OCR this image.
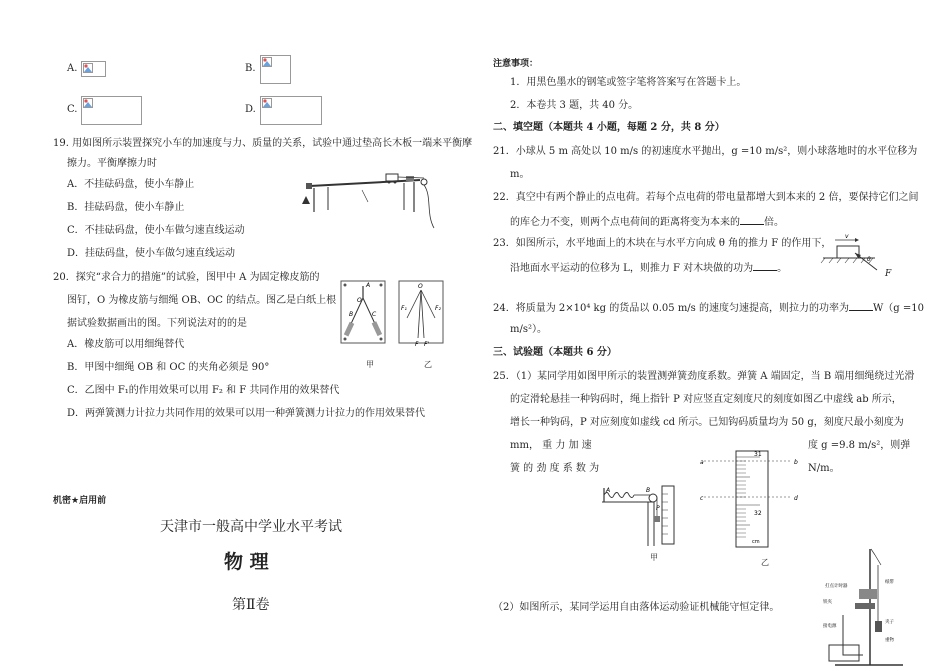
A.	B.
C.	D.
19. 用如图所示装置探究小车的加速度与力、质量的关系，试验中通过垫高长木板一端来平衡摩
擦力。平衡摩擦力时
A．不挂砝码盘，使小车静止
B．挂砝码盘，使小车静止
C．不挂砝码盘，使小车做匀速直线运动
D．挂砝码盘，使小车做匀速直线运动
20．探究“求合力的措施”的试验，图甲中 A 为固定橡皮筋的
图钉，O 为橡皮筋与细绳 OB、OC 的结点。图乙是白纸上根
据试验数据画出的图。下列说法对的的是
A．橡皮筋可以用细绳替代
B．甲图中细绳 OB 和 OC 的夹角必须是 90°
C．乙图中 F₁的作用效果可以用 F₂ 和 F 共同作用的效果替代
D．两弹簧测力计拉力共同作用的效果可以用一种弹簧测力计拉力的作用效果替代
A
O
B	C
O
F₁	F₂
F F'
甲	乙
机密★启用前
天津市一般高中学业水平考试
物 理
第Ⅱ卷
注意事项：
1．用黑色墨水的钢笔或签字笔将答案写在答题卡上。
2．本卷共 3 题，共 40 分。
二、填空题（本题共 4 小题，每题 2 分，共 8 分）
21．小球从 5 m 高处以 10 m/s 的初速度水平抛出，g =10 m/s²，则小球落地时的水平位移为
m。
22．真空中有两个静止的点电荷。若每个点电荷的带电量都增大到本来的 2 倍，要保持它们之间
的库仑力不变，则两个点电荷间的距离将变为本来的 倍。
23．如图所示，水平地面上的木块在与水平方向成 θ 角的推力 F 的作用下，
沿地面水平运动的位移为 L，则推力 F 对木块做的功为 。
v
θ
F
24．将质量为 2×10⁴ kg 的货品以 0.05 m/s 的速度匀速提高，则拉力的功率为 W（g =10
m/s²）。
三、试验题（本题共 6 分）
25．（1）某同学用如图甲所示的装置测弹簧劲度系数。弹簧 A 端固定，当 B 端用细绳绕过光滑
的定滑轮悬挂一种钩码时，绳上指针 P 对应竖直定刻度尺的刻度如图乙中虚线 ab 所示，
增长一种钩码，P 对应刻度如虚线 cd 所示。已知钩码质量均为 50 g，刻度尺最小刻度为
mm， 重 力 加 速	度 g =9.8 m/s²，则弹
簧 的 劲 度 系 数 为	N/m。
A	B
P
甲
31
32
cm
a	b
c	d
乙
（2）如图所示，某同学运用自由落体运动验证机械能守恒定律。
打点计时器
纸带
铁夹
接电源
夹子
重物
